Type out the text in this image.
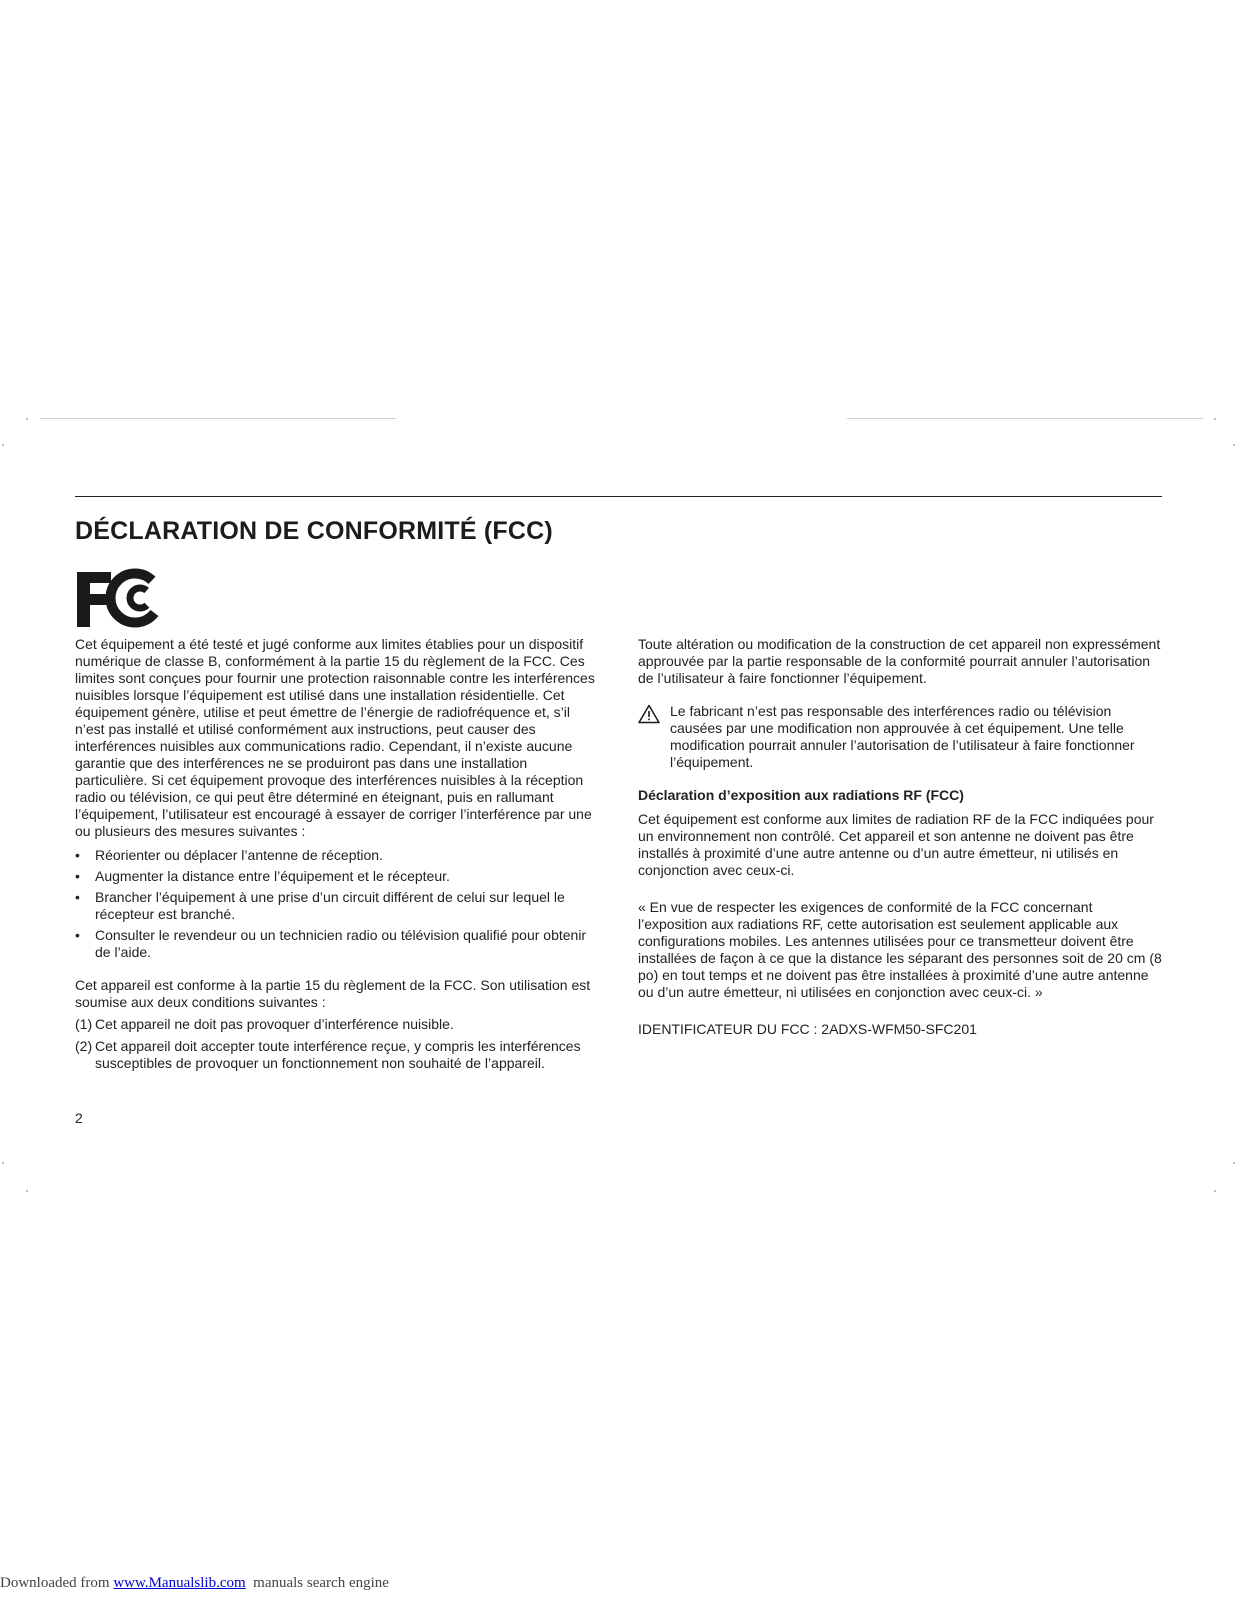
DÉCLARATION DE CONFORMITÉ (FCC)

Cet équipement a été testé et jugé conforme aux limites établies pour un dispositif numérique de classe B, conformément à la partie 15 du règlement de la FCC. Ces limites sont conçues pour fournir une protection raisonnable contre les interférences nuisibles lorsque l’équipement est utilisé dans une installation résidentielle. Cet équipement génère, utilise et peut émettre de l’énergie de radiofréquence et, s’il n’est pas installé et utilisé conformément aux instructions, peut causer des interférences nuisibles aux communications radio. Cependant, il n’existe aucune garantie que des interférences ne se produiront pas dans une installation particulière. Si cet équipement provoque des interférences nuisibles à la réception radio ou télévision, ce qui peut être déterminé en éteignant, puis en rallumant l’équipement, l’utilisateur est encouragé à essayer de corriger l’interférence par une ou plusieurs des mesures suivantes :

• Réorienter ou déplacer l’antenne de réception.
• Augmenter la distance entre l’équipement et le récepteur.
• Brancher l’équipement à une prise d’un circuit différent de celui sur lequel le récepteur est branché.
• Consulter le revendeur ou un technicien radio ou télévision qualifié pour obtenir de l’aide.

Cet appareil est conforme à la partie 15 du règlement de la FCC. Son utilisation est soumise aux deux conditions suivantes :

(1) Cet appareil ne doit pas provoquer d’interférence nuisible.

(2) Cet appareil doit accepter toute interférence reçue, y compris les interférences susceptibles de provoquer un fonctionnement non souhaité de l’appareil.

Toute altération ou modification de la construction de cet appareil non expressément approuvée par la partie responsable de la conformité pourrait annuler l’autorisation de l’utilisateur à faire fonctionner l’équipement.

Le fabricant n’est pas responsable des interférences radio ou télévision causées par une modification non approuvée à cet équipement. Une telle modification pourrait annuler l’autorisation de l’utilisateur à faire fonctionner l’équipement.

Déclaration d’exposition aux radiations RF (FCC)

Cet équipement est conforme aux limites de radiation RF de la FCC indiquées pour un environnement non contrôlé. Cet appareil et son antenne ne doivent pas être installés à proximité d’une autre antenne ou d’un autre émetteur, ni utilisés en conjonction avec ceux-ci.

« En vue de respecter les exigences de conformité de la FCC concernant l’exposition aux radiations RF, cette autorisation est seulement applicable aux configurations mobiles. Les antennes utilisées pour ce transmetteur doivent être installées de façon à ce que la distance les séparant des personnes soit de 20 cm (8 po) en tout temps et ne doivent pas être installées à proximité d’une autre antenne ou d’un autre émetteur, ni utilisées en conjonction avec ceux-ci. »

IDENTIFICATEUR DU FCC : 2ADXS-WFM50-SFC201

2
Downloaded from www.Manualslib.com  manuals search engine
